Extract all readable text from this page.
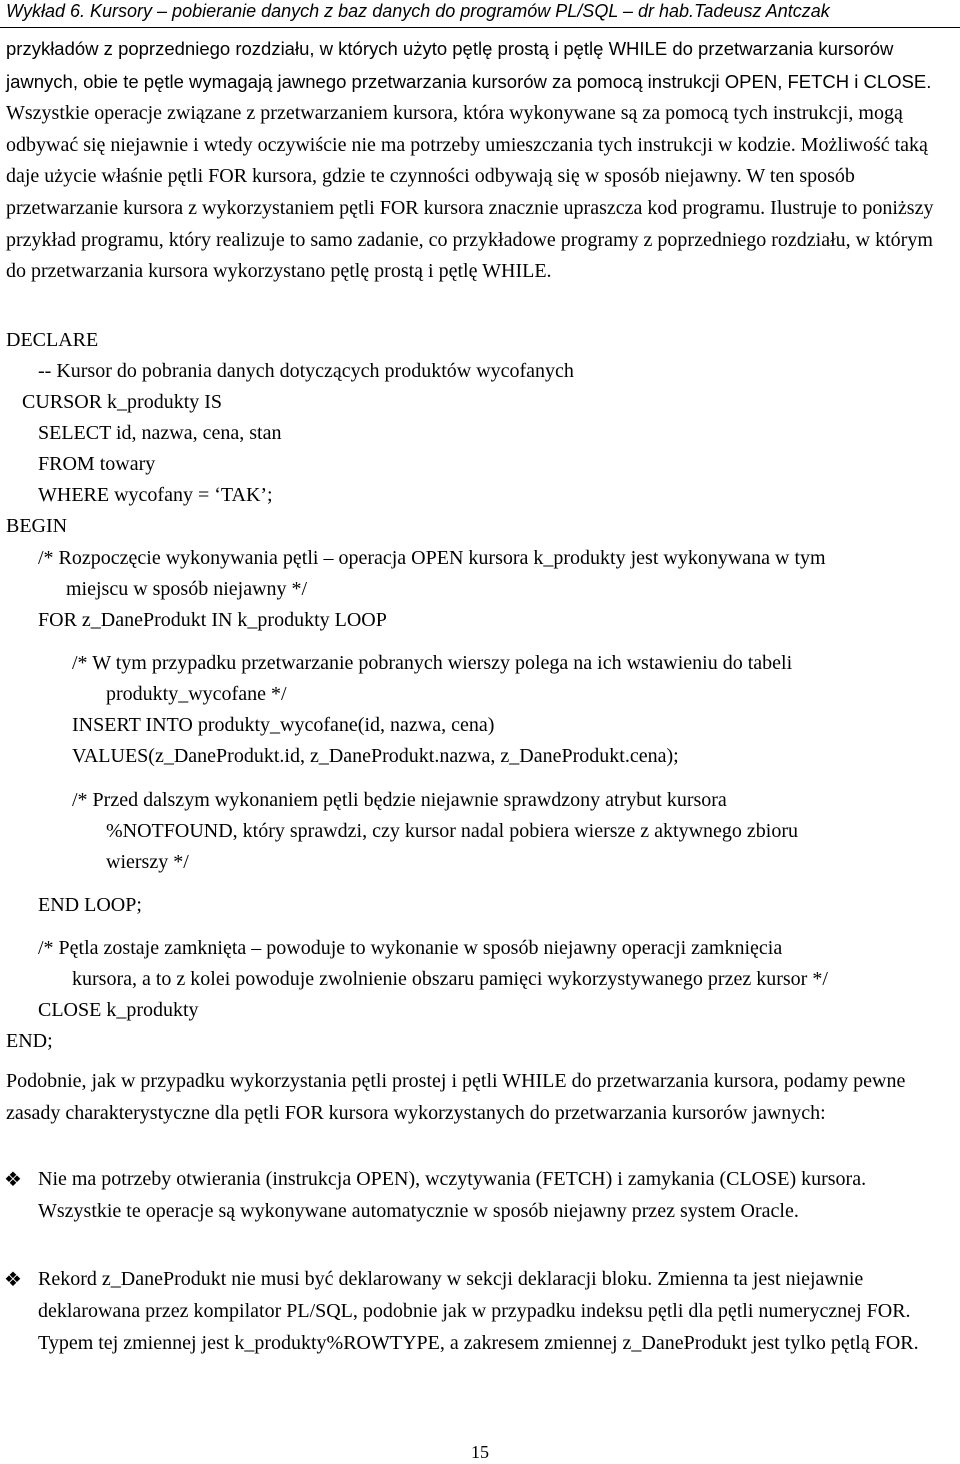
Wykład 6. Kursory – pobieranie danych z baz danych do programów PL/SQL – dr hab.Tadeusz Antczak
przykładów z poprzedniego rozdziału, w których użyto pętlę prostą i pętlę WHILE do przetwarzania kursorów jawnych, obie te pętle wymagają jawnego przetwarzania kursorów za pomocą instrukcji OPEN, FETCH i CLOSE. Wszystkie operacje związane z przetwarzaniem kursora, która wykonywane są za pomocą tych instrukcji, mogą odbywać się niejawnie i wtedy oczywiście nie ma potrzeby umieszczania tych instrukcji w kodzie. Możliwość taką daje użycie właśnie pętli FOR kursora, gdzie te czynności odbywają się w sposób niejawny. W ten sposób przetwarzanie kursora z wykorzystaniem pętli FOR kursora znacznie upraszcza kod programu. Ilustruje to poniższy przykład programu, który realizuje to samo zadanie, co przykładowe programy z poprzedniego rozdziału, w którym do przetwarzania kursora wykorzystano pętlę prostą i pętlę WHILE.
DECLARE
-- Kursor do pobrania danych dotyczących produktów wycofanych
CURSOR k_produkty IS
SELECT id, nazwa, cena, stan
FROM towary
WHERE wycofany = ‘TAK’;
BEGIN
/* Rozpoczęcie wykonywania pętli – operacja OPEN kursora k_produkty jest wykonywana w tym
miejscu w sposób niejawny */
FOR z_DaneProdukt IN k_produkty LOOP
/* W tym przypadku przetwarzanie pobranych wierszy polega na ich wstawieniu do tabeli
produkty_wycofane */
INSERT INTO produkty_wycofane(id, nazwa, cena)
VALUES(z_DaneProdukt.id, z_DaneProdukt.nazwa, z_DaneProdukt.cena);
/* Przed dalszym wykonaniem pętli będzie niejawnie sprawdzony atrybut kursora
%NOTFOUND, który sprawdzi, czy kursor nadal pobiera wiersze z aktywnego zbioru
wierszy */
END LOOP;
/* Pętla zostaje zamknięta – powoduje to wykonanie w sposób niejawny operacji zamknięcia
kursora, a to z kolei powoduje zwolnienie obszaru pamięci wykorzystywanego przez kursor */
CLOSE k_produkty
END;
Podobnie, jak w przypadku wykorzystania pętli prostej i pętli WHILE do przetwarzania kursora, podamy pewne zasady charakterystyczne dla pętli FOR kursora wykorzystanych do przetwarzania kursorów jawnych:
❖ Nie ma potrzeby otwierania (instrukcja OPEN), wczytywania (FETCH) i zamykania (CLOSE) kursora. Wszystkie te operacje są wykonywane automatycznie w sposób niejawny przez system Oracle.
❖ Rekord z_DaneProdukt nie musi być deklarowany w sekcji deklaracji bloku. Zmienna ta jest niejawnie deklarowana przez kompilator PL/SQL, podobnie jak w przypadku indeksu pętli dla pętli numerycznej FOR. Typem tej zmiennej jest k_produkty%ROWTYPE, a zakresem zmiennej z_DaneProdukt jest tylko pętlą FOR.
15
